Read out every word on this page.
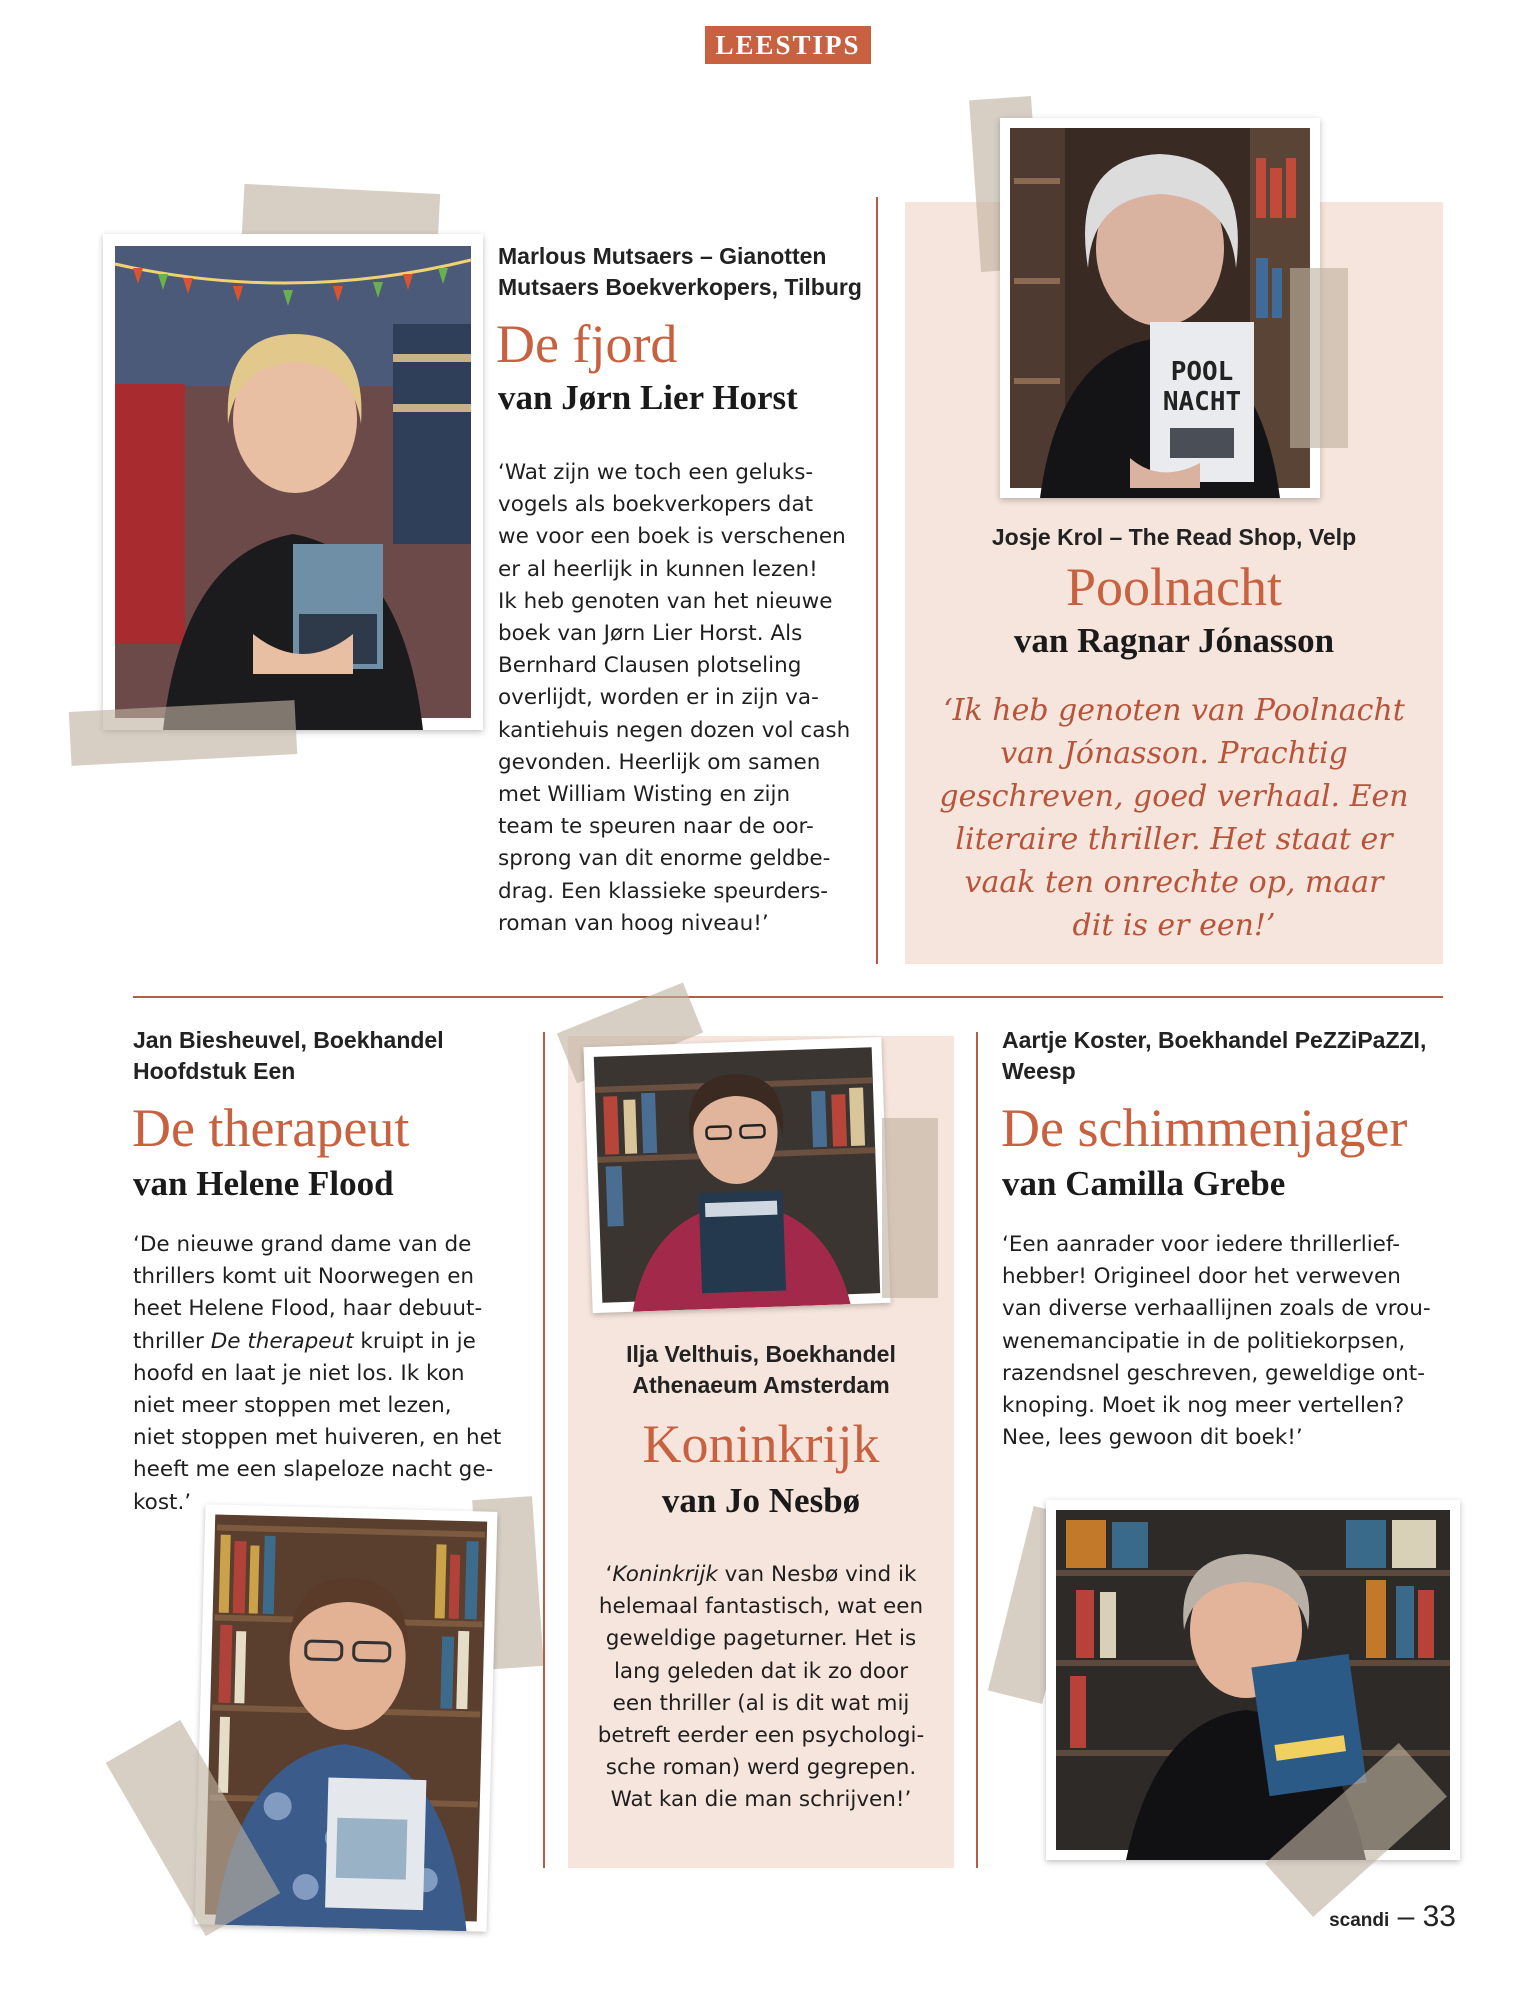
LEESTIPS
Marlous Mutsaers – Gianotten
Mutsaers Boekverkopers, Tilburg
De fjord
van Jørn Lier Horst
‘Wat zijn we toch een geluks-
vogels als boekverkopers dat
we voor een boek is verschenen
er al heerlijk in kunnen lezen!
Ik heb genoten van het nieuwe
boek van Jørn Lier Horst. Als
Bernhard Clausen plotseling
overlijdt, worden er in zijn va-
kantiehuis negen dozen vol cash
gevonden. Heerlijk om samen
met William Wisting en zijn
team te speuren naar de oor-
sprong van dit enorme geldbe-
drag. Een klassieke speurders-
roman van hoog niveau!’
POOL
NACHT
Josje Krol – The Read Shop, Velp
Poolnacht
van Ragnar Jónasson
‘Ik heb genoten van Poolnacht
van Jónasson. Prachtig
geschreven, goed verhaal. Een
literaire thriller. Het staat er
vaak ten onrechte op, maar
dit is er een!’
Jan Biesheuvel, Boekhandel
Hoofdstuk Een
De therapeut
van Helene Flood
‘De nieuwe grand dame van de
thrillers komt uit Noorwegen en
heet Helene Flood, haar debuut-
thriller De therapeut kruipt in je
hoofd en laat je niet los. Ik kon
niet meer stoppen met lezen,
niet stoppen met huiveren, en het
heeft me een slapeloze nacht ge-
kost.’
Ilja Velthuis, Boekhandel
Athenaeum Amsterdam
Koninkrijk
van Jo Nesbø
‘Koninkrijk van Nesbø vind ik
helemaal fantastisch, wat een
geweldige pageturner. Het is
lang geleden dat ik zo door
een thriller (al is dit wat mij
betreft eerder een psychologi-
sche roman) werd gegrepen.
Wat kan die man schrijven!’
Aartje Koster, Boekhandel PeZZiPaZZI,
Weesp
De schimmenjager
van Camilla Grebe
‘Een aanrader voor iedere thrillerlief-
hebber! Origineel door het verweven
van diverse verhaallijnen zoals de vrou-
wenemancipatie in de politiekorpsen,
razendsnel geschreven, geweldige ont-
knoping. Moet ik nog meer vertellen?
Nee, lees gewoon dit boek!’
scandi – 33
